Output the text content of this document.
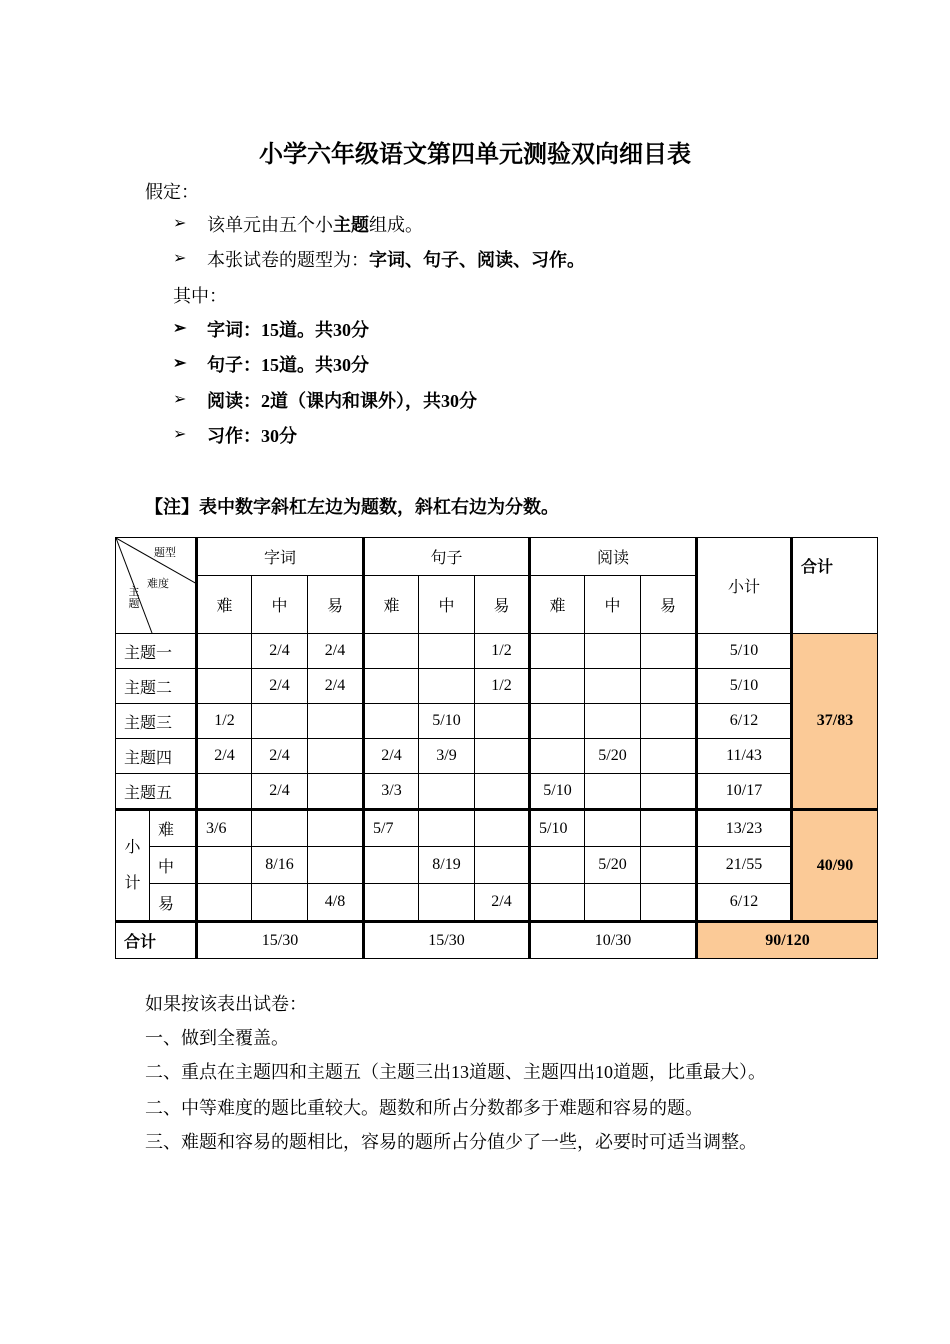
小学六年级语文第四单元测验双向细目表
假定：
➢ 该单元由五个小主题组成。
➢ 本张试卷的题型为：字词、句子、阅读、习作。
其中：
➢ 字词：15道。共30分
➢ 句子：15道。共30分
➢ 阅读：2道（课内和课外），共30分
➢ 习作：30分
【注】表中数字斜杠左边为题数，斜杠右边为分数。
题型
难度
主题		字词			句子			阅读			小计	合计
		难	中	易	难	中	易	难	中	易		
主题一			2/4	2/4			1/2				5/10	37/83
主题二			2/4	2/4			1/2				5/10	
主题三		1/2				5/10					6/12	
主题四		2/4	2/4		2/4	3/9			5/20		11/43	
主题五			2/4		3/3			5/10			10/17	
小
计	难	3/6			5/7			5/10			13/23	40/90
	中		8/16			8/19			5/20		21/55	
	易			4/8			2/4				6/12	
合计		15/30			15/30			10/30			90/120	
如果按该表出试卷：
一、做到全覆盖。
二、重点在主题四和主题五（主题三出13道题、主题四出10道题，比重最大）。
二、中等难度的题比重较大。题数和所占分数都多于难题和容易的题。
三、难题和容易的题相比，容易的题所占分值少了一些，必要时可适当调整。
